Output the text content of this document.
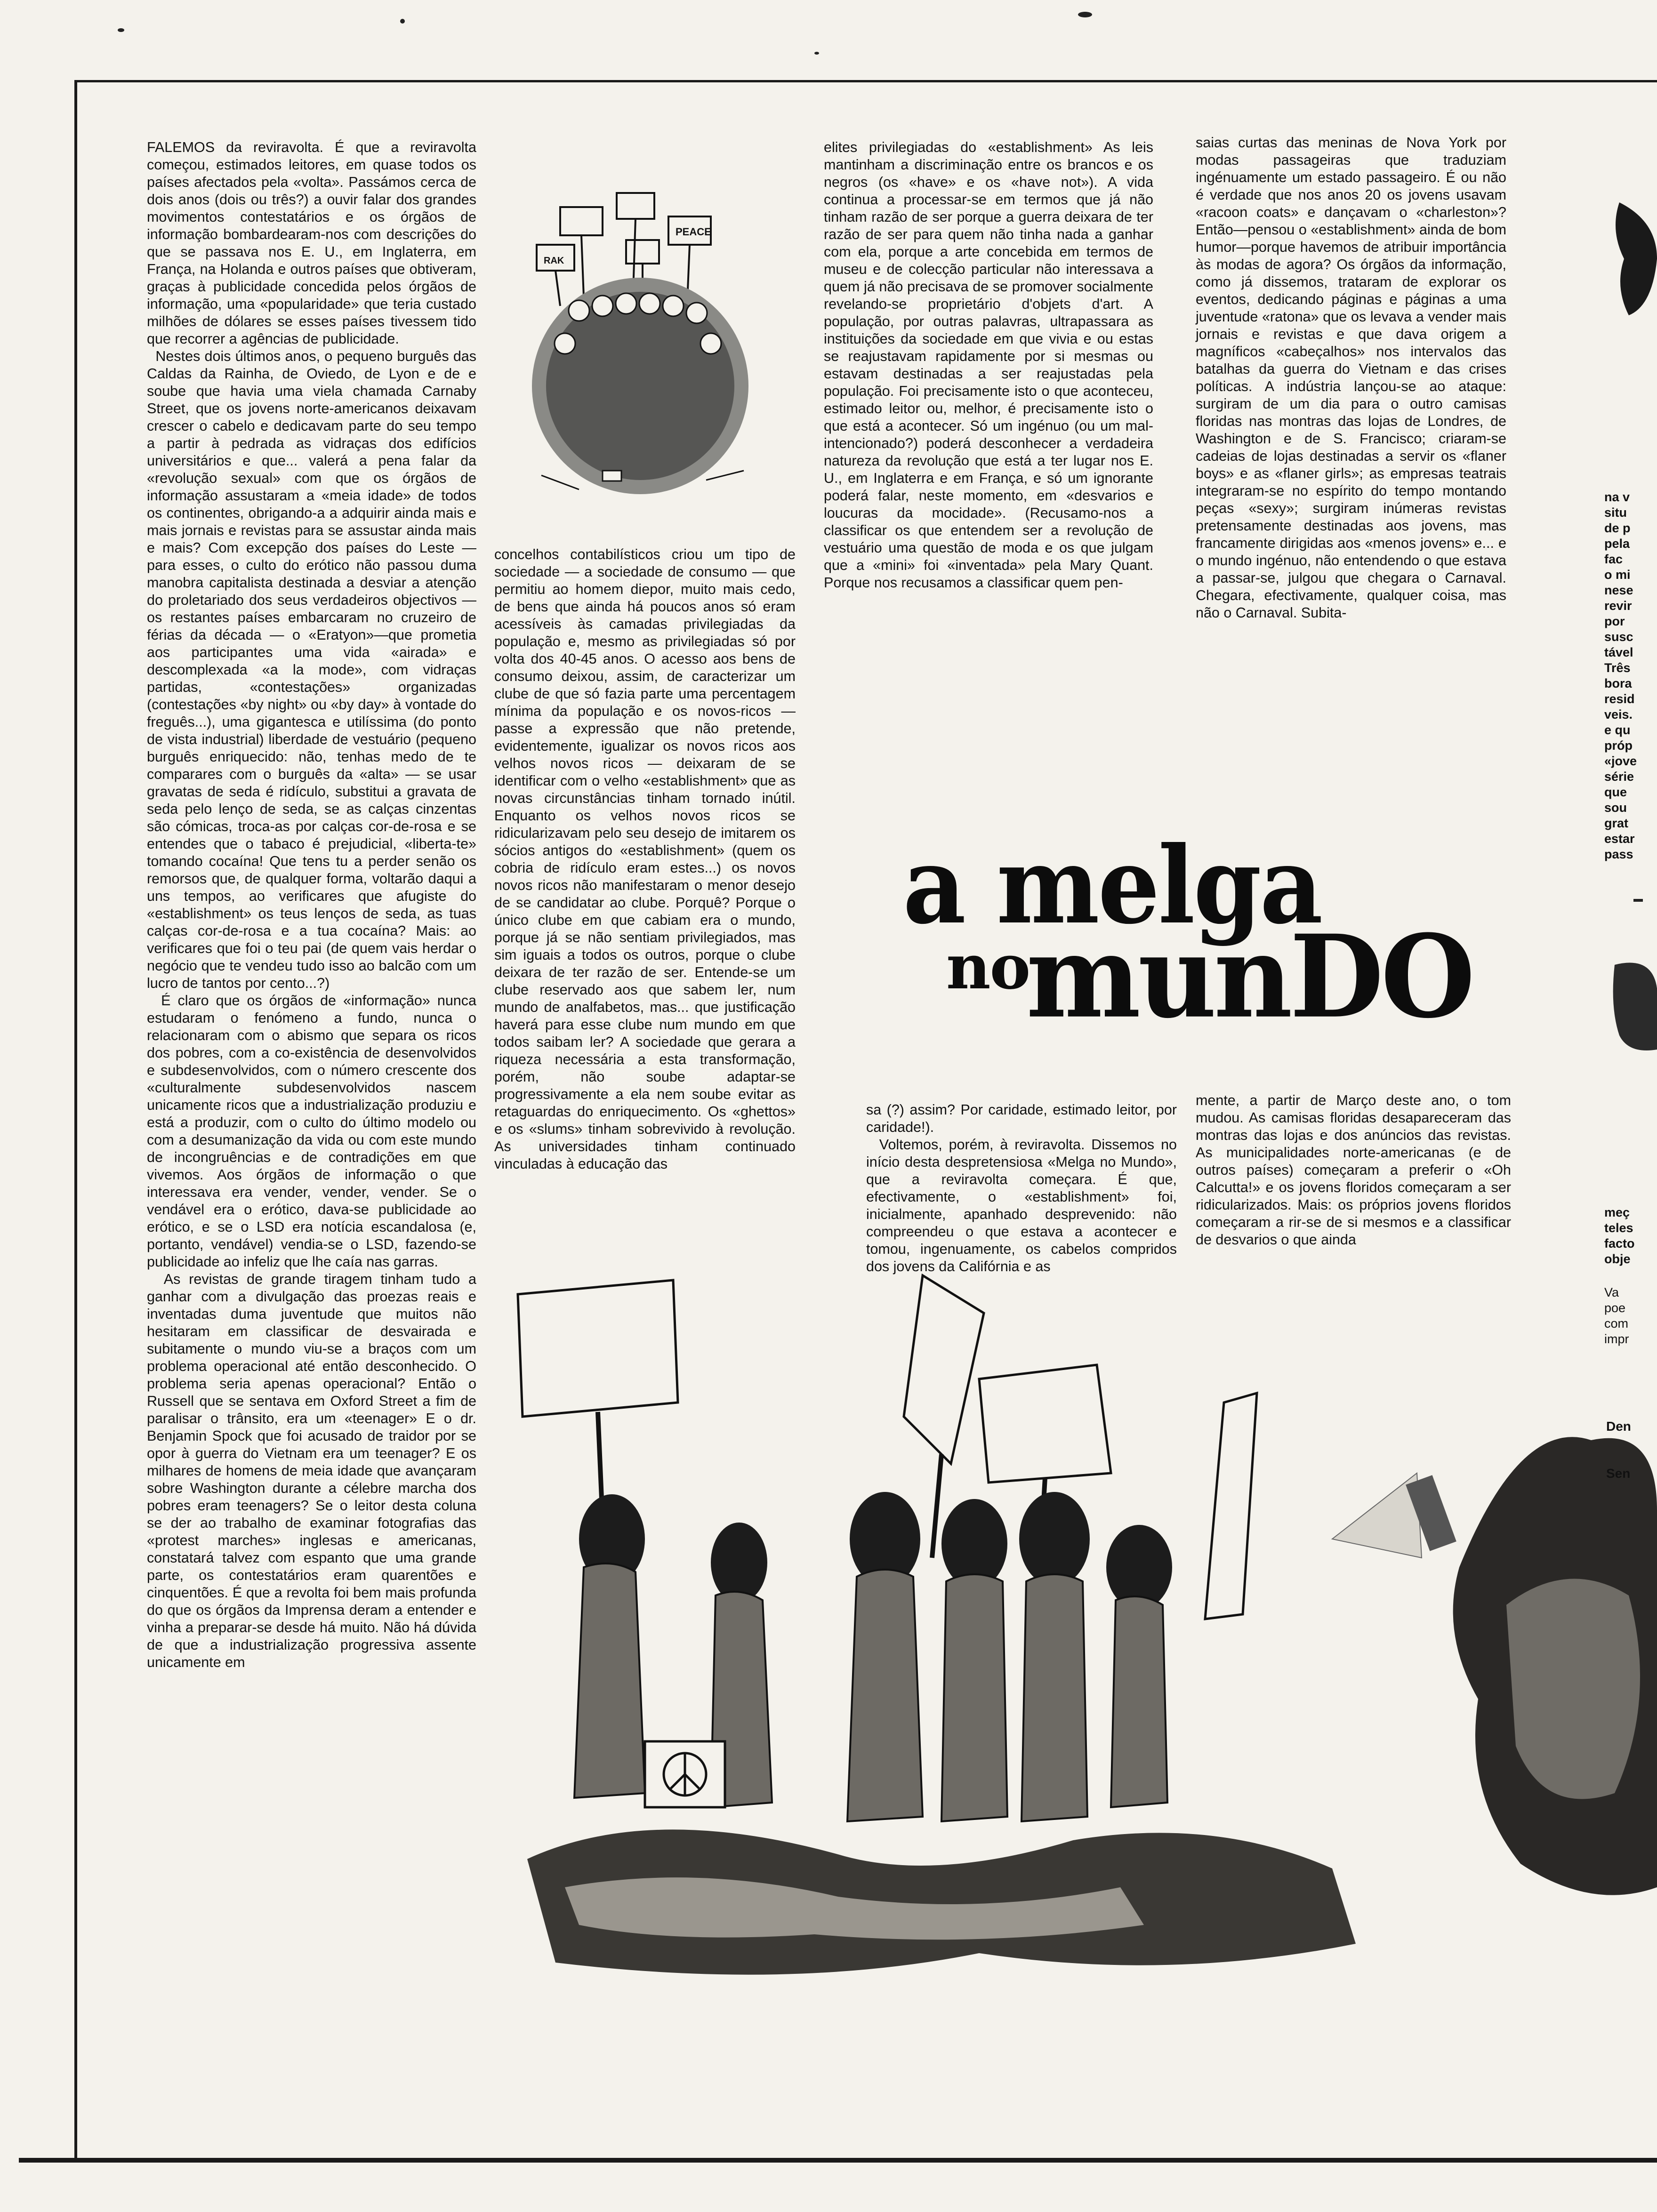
FALEMOS da reviravolta. É que a reviravolta começou, estimados leitores, em quase todos os países afectados pela «volta». Passámos cerca de dois anos (dois ou três?) a ouvir falar dos grandes movimentos contestatários e os órgãos de informação bombardearam-nos com descrições do que se passava nos E. U., em Inglaterra, em França, na Holanda e outros países que obtiveram, graças à publicidade concedida pelos órgãos de informação, uma «popularidade» que teria custado milhões de dólares se esses países tivessem tido que recorrer a agências de publicidade.
Nestes dois últimos anos, o pequeno burguês das Caldas da Rainha, de Oviedo, de Lyon e de e soube que havia uma viela chamada Carnaby Street, que os jovens norte-americanos deixavam crescer o cabelo e dedicavam parte do seu tempo a partir à pedrada as vidraças dos edifícios universitários e que... valerá a pena falar da «revolução sexual» com que os órgãos de informação assustaram a «meia idade» de todos os continentes, obrigando-a a adquirir ainda mais e mais jornais e revistas para se assustar ainda mais e mais? Com excepção dos países do Leste — para esses, o culto do erótico não passou duma manobra capitalista destinada a desviar a atenção do proletariado dos seus verdadeiros objectivos — os restantes países embarcaram no cruzeiro de férias da década — o «Eratyon»—que prometia aos participantes uma vida «airada» e descomplexada «a la mode», com vidraças partidas, «contestações» organizadas (contestações «by night» ou «by day» à vontade do freguês...), uma gigantesca e utilíssima (do ponto de vista industrial) liberdade de vestuário (pequeno burguês enriquecido: não, tenhas medo de te comparares com o burguês da «alta» — se usar gravatas de seda é ridículo, substitui a gravata de seda pelo lenço de seda, se as calças cinzentas são cómicas, troca-as por calças cor-de-rosa e se entendes que o tabaco é prejudicial, «liberta-te» tomando cocaína! Que tens tu a perder senão os remorsos que, de qualquer forma, voltarão daqui a uns tempos, ao verificares que afugiste do «establishment» os teus lenços de seda, as tuas calças cor-de-rosa e a tua cocaína? Mais: ao verificares que foi o teu pai (de quem vais herdar o negócio que te vendeu tudo isso ao balcão com um lucro de tantos por cento...?)
É claro que os órgãos de «informação» nunca estudaram o fenómeno a fundo, nunca o relacionaram com o abismo que separa os ricos dos pobres, com a co-existência de desenvolvidos e subdesenvolvidos, com o número crescente dos «culturalmente subdesenvolvidos nascem unicamente ricos que a industrialização produziu e está a produzir, com o culto do último modelo ou com a desumanização da vida ou com este mundo de incongruências e de contradições em que vivemos. Aos órgãos de informação o que interessava era vender, vender, vender. Se o vendável era o erótico, dava-se publicidade ao erótico, e se o LSD era notícia escandalosa (e, portanto, vendável) vendia-se o LSD, fazendo-se publicidade ao infeliz que lhe caía nas garras.
As revistas de grande tiragem tinham tudo a ganhar com a divulgação das proezas reais e inventadas duma juventude que muitos não hesitaram em classificar de desvairada e subitamente o mundo viu-se a braços com um problema operacional até então desconhecido. O problema seria apenas operacional? Então o Russell que se sentava em Oxford Street a fim de paralisar o trânsito, era um «teenager» E o dr. Benjamin Spock que foi acusado de traidor por se opor à guerra do Vietnam era um teenager? E os milhares de homens de meia idade que avançaram sobre Washington durante a célebre marcha dos pobres eram teenagers? Se o leitor desta coluna se der ao trabalho de examinar fotografias das «protest marches» inglesas e americanas, constatará talvez com espanto que uma grande parte, os contestatários eram quarentões e cinquentões. É que a revolta foi bem mais profunda do que os órgãos da Imprensa deram a entender e vinha a preparar-se desde há muito. Não há dúvida de que a industrialização progressiva assente unicamente em
PEACE
RAK
concelhos contabilísticos criou um tipo de sociedade — a sociedade de consumo — que permitiu ao homem diepor, muito mais cedo, de bens que ainda há poucos anos só eram acessíveis às camadas privilegiadas da população e, mesmo as privilegiadas só por volta dos 40-45 anos. O acesso aos bens de consumo deixou, assim, de caracterizar um clube de que só fazia parte uma percentagem mínima da população e os novos-ricos — passe a expressão que não pretende, evidentemente, igualizar os novos ricos aos velhos novos ricos — deixaram de se identificar com o velho «establishment» que as novas circunstâncias tinham tornado inútil. Enquanto os velhos novos ricos se ridicularizavam pelo seu desejo de imitarem os sócios antigos do «establishment» (quem os cobria de ridículo eram estes...) os novos novos ricos não manifestaram o menor desejo de se candidatar ao clube. Porquê? Porque o único clube em que cabiam era o mundo, porque já se não sentiam privilegiados, mas sim iguais a todos os outros, porque o clube deixara de ter razão de ser. Entende-se um clube reservado aos que sabem ler, num mundo de analfabetos, mas... que justificação haverá para esse clube num mundo em que todos saibam ler? A sociedade que gerara a riqueza necessária a esta transformação, porém, não soube adaptar-se progressivamente a ela nem soube evitar as retaguardas do enriquecimento. Os «ghettos» e os «slums» tinham sobrevivido à revolução. As universidades tinham continuado vinculadas à educação das
elites privilegiadas do «establishment» As leis mantinham a discriminação entre os brancos e os negros (os «have» e os «have not»). A vida continua a processar-se em termos que já não tinham razão de ser porque a guerra deixara de ter razão de ser para quem não tinha nada a ganhar com ela, porque a arte concebida em termos de museu e de colecção particular não interessava a quem já não precisava de se promover socialmente revelando-se proprietário d'objets d'art. A população, por outras palavras, ultrapassara as instituições da sociedade em que vivia e ou estas se reajustavam rapidamente por si mesmas ou estavam destinadas a ser reajustadas pela população. Foi precisamente isto o que aconteceu, estimado leitor ou, melhor, é precisamente isto o que está a acontecer. Só um ingénuo (ou um mal-intencionado?) poderá desconhecer a verdadeira natureza da revolução que está a ter lugar nos E. U., em Inglaterra e em França, e só um ignorante poderá falar, neste momento, em «desvarios e loucuras da mocidade». (Recusamo-nos a classificar os que entendem ser a revolução de vestuário uma questão de moda e os que julgam que a «mini» foi «inventada» pela Mary Quant. Porque nos recusamos a classificar quem pen-
saias curtas das meninas de Nova York por modas passageiras que traduziam ingénuamente um estado passageiro. É ou não é verdade que nos anos 20 os jovens usavam «racoon coats» e dançavam o «charleston»? Então—pensou o «establishment» ainda de bom humor—porque havemos de atribuir importância às modas de agora? Os órgãos da informação, como já dissemos, trataram de explorar os eventos, dedicando páginas e páginas a uma juventude «ratona» que os levava a vender mais jornais e revistas e que dava origem a magníficos «cabeçalhos» nos intervalos das batalhas da guerra do Vietnam e das crises políticas. A indústria lançou-se ao ataque: surgiram de um dia para o outro camisas floridas nas montras das lojas de Londres, de Washington e de S. Francisco; criaram-se cadeias de lojas destinadas a servir os «flaner boys» e as «flaner girls»; as empresas teatrais integraram-se no espírito do tempo montando peças «sexy»; surgiram inúmeras revistas pretensamente destinadas aos jovens, mas francamente dirigidas aos «menos jovens» e... e o mundo ingénuo, não entendendo o que estava a passar-se, julgou que chegara o Carnaval. Chegara, efectivamente, qualquer coisa, mas não o Carnaval. Subita-
a melga
no
munDO
sa (?) assim? Por caridade, estimado leitor, por caridade!).
Voltemos, porém, à reviravolta. Dissemos no início desta despretensiosa «Melga no Mundo», que a reviravolta começara. É que, efectivamente, o «establishment» foi, inicialmente, apanhado desprevenido: não compreendeu o que estava a acontecer e tomou, ingenuamente, os cabelos compridos dos jovens da Califórnia e as
mente, a partir de Março deste ano, o tom mudou. As camisas floridas desapareceram das montras das lojas e dos anúncios das revistas. As municipalidades norte-americanas (e de outros países) começaram a preferir o «Oh Calcutta!» e os jovens floridos começaram a ser ridicularizados. Mais: os próprios jovens floridos começaram a rir-se de si mesmos e a classificar de desvarios o que ainda
na v
situ
de p
pela
fac
o mi
nese
revir
por
susc
tável
Três
bora
resid
veis.
e qu
próp
«jove
série
que
sou
grat
estar
pass
meç
teles
facto
obje
Va
poe
com
impr
Den
Sen
